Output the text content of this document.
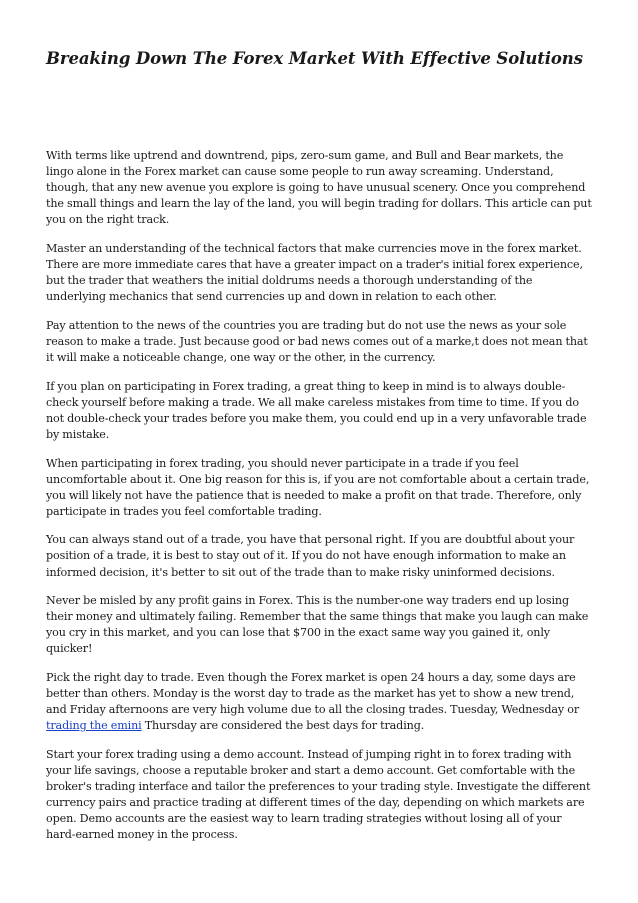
Breaking Down The Forex Market With Effective Solutions

With terms like uptrend and downtrend, pips, zero-sum game, and Bull and Bear markets, the lingo alone in the Forex market can cause some people to run away screaming. Understand, though, that any new avenue you explore is going to have unusual scenery. Once you comprehend the small things and learn the lay of the land, you will begin trading for dollars. This article can put you on the right track.

Master an understanding of the technical factors that make currencies move in the forex market. There are more immediate cares that have a greater impact on a trader's initial forex experience, but the trader that weathers the initial doldrums needs a thorough understanding of the underlying mechanics that send currencies up and down in relation to each other.

Pay attention to the news of the countries you are trading but do not use the news as your sole reason to make a trade. Just because good or bad news comes out of a marke,t does not mean that it will make a noticeable change, one way or the other, in the currency.

If you plan on participating in Forex trading, a great thing to keep in mind is to always double-check yourself before making a trade. We all make careless mistakes from time to time. If you do not double-check your trades before you make them, you could end up in a very unfavorable trade by mistake.

When participating in forex trading, you should never participate in a trade if you feel uncomfortable about it. One big reason for this is, if you are not comfortable about a certain trade, you will likely not have the patience that is needed to make a profit on that trade. Therefore, only participate in trades you feel comfortable trading.

You can always stand out of a trade, you have that personal right. If you are doubtful about your position of a trade, it is best to stay out of it. If you do not have enough information to make an informed decision, it's better to sit out of the trade than to make risky uninformed decisions.

Never be misled by any profit gains in Forex. This is the number-one way traders end up losing their money and ultimately failing. Remember that the same things that make you laugh can make you cry in this market, and you can lose that $700 in the exact same way you gained it, only quicker!

Pick the right day to trade. Even though the Forex market is open 24 hours a day, some days are better than others. Monday is the worst day to trade as the market has yet to show a new trend, and Friday afternoons are very high volume due to all the closing trades. Tuesday, Wednesday or trading the emini Thursday are considered the best days for trading.

Start your forex trading using a demo account. Instead of jumping right in to forex trading with your life savings, choose a reputable broker and start a demo account. Get comfortable with the broker's trading interface and tailor the preferences to your trading style. Investigate the different currency pairs and practice trading at different times of the day, depending on which markets are open. Demo accounts are the easiest way to learn trading strategies without losing all of your hard-earned money in the process.
